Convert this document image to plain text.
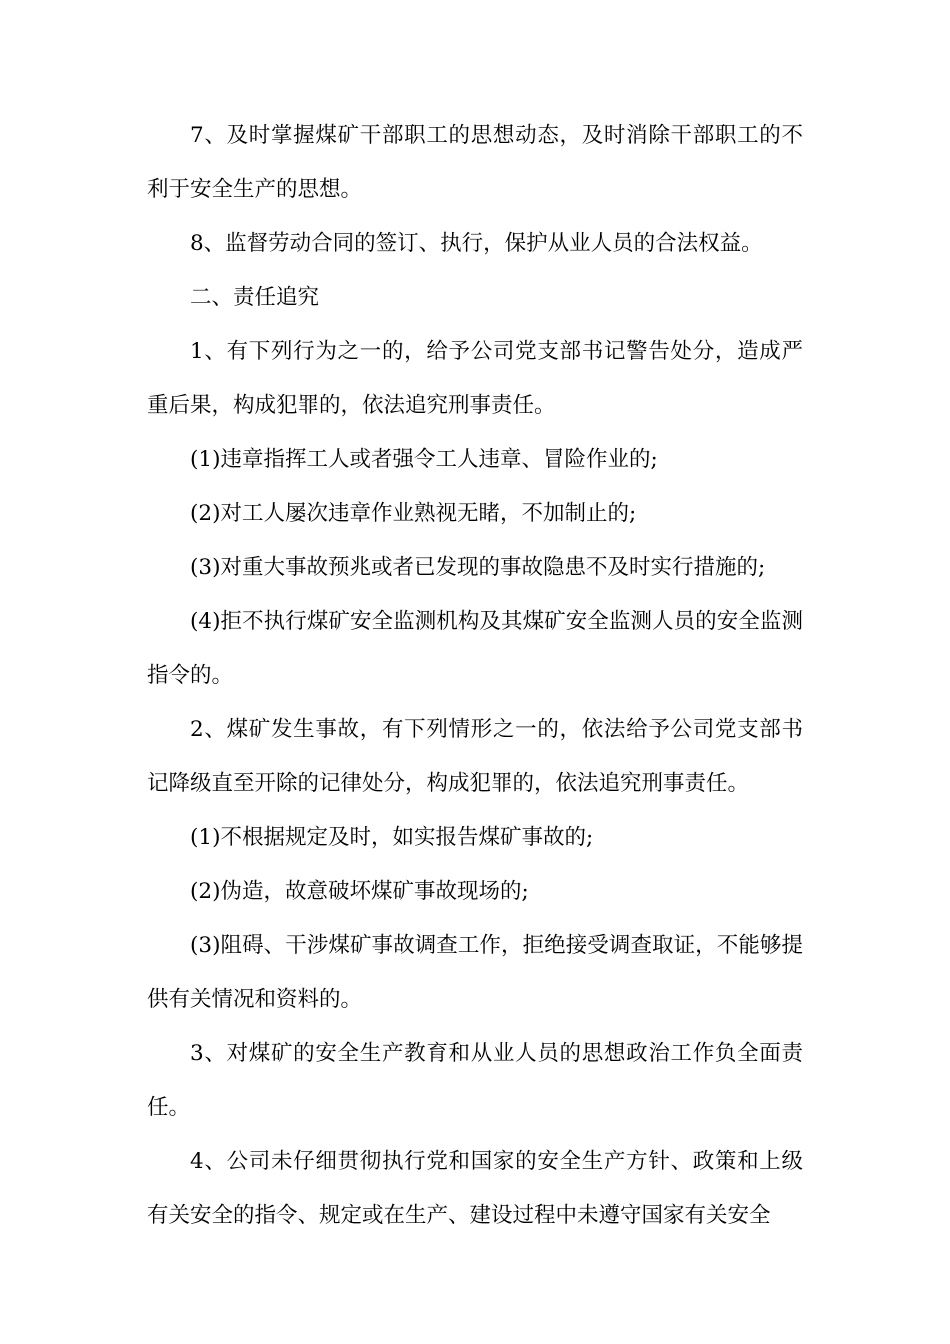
7、及时掌握煤矿干部职工的思想动态，及时消除干部职工的不利于安全生产的思想。

8、监督劳动合同的签订、执行，保护从业人员的合法权益。

二、责任追究

1、有下列行为之一的，给予公司党支部书记警告处分，造成严重后果，构成犯罪的，依法追究刑事责任。

(1)违章指挥工人或者强令工人违章、冒险作业的;

(2)对工人屡次违章作业熟视无睹，不加制止的;

(3)对重大事故预兆或者已发现的事故隐患不及时实行措施的;

(4)拒不执行煤矿安全监测机构及其煤矿安全监测人员的安全监测指令的。

2、煤矿发生事故，有下列情形之一的，依法给予公司党支部书记降级直至开除的记律处分，构成犯罪的，依法追究刑事责任。

(1)不根据规定及时，如实报告煤矿事故的;

(2)伪造，故意破坏煤矿事故现场的;

(3)阻碍、干涉煤矿事故调查工作，拒绝接受调查取证，不能够提供有关情况和资料的。

3、对煤矿的安全生产教育和从业人员的思想政治工作负全面责任。

4、公司未仔细贯彻执行党和国家的安全生产方针、政策和上级有关安全的指令、规定或在生产、建设过程中未遵守国家有关安全
